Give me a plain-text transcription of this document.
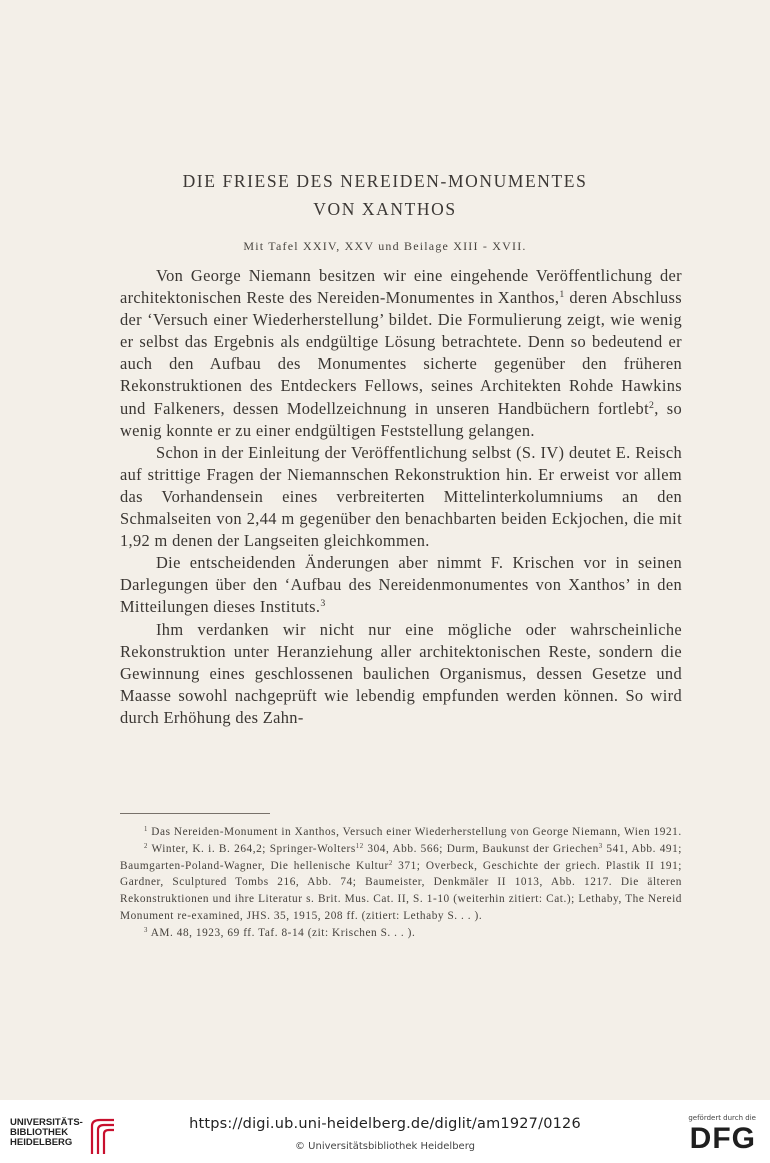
DIE FRIESE DES NEREIDEN-MONUMENTES
VON XANTHOS
Mit Tafel XXIV, XXV und Beilage XIII - XVII.

Von George Niemann besitzen wir eine eingehende Veröffentlichung der architektonischen Reste des Nereiden-Monumentes in Xanthos,$^1$ deren Abschluss der ‘Versuch einer Wiederherstellung’ bildet. Die Formulierung zeigt, wie wenig er selbst das Ergebnis als endgültige Lösung betrachtete. Denn so bedeutend er auch den Aufbau des Monumentes sicherte gegenüber den früheren Rekonstruktionen des Entdeckers Fellows, seines Architekten Rohde Hawkins und Falkeners, dessen Modellzeichnung in unseren Handbüchern fortlebt$^2$, so wenig konnte er zu einer endgültigen Feststellung gelangen.

Schon in der Einleitung der Veröffentlichung selbst (S. IV) deutet E. Reisch auf strittige Fragen der Niemannschen Rekonstruktion hin. Er erweist vor allem das Vorhandensein eines verbreiterten Mittelinterkolumniums an den Schmalseiten von 2,44 m gegenüber den benachbarten beiden Eckjochen, die mit 1,92 m denen der Langseiten gleichkommen.

Die entscheidenden Änderungen aber nimmt F. Krischen vor in seinen Darlegungen über den ‘Aufbau des Nereidenmonumentes von Xanthos’ in den Mitteilungen dieses Instituts.$^3$

Ihm verdanken wir nicht nur eine mögliche oder wahrscheinliche Rekonstruktion unter Heranziehung aller architektonischen Reste, sondern die Gewinnung eines geschlossenen baulichen Organismus, dessen Gesetze und Maasse sowohl nachgeprüft wie lebendig empfunden werden können. So wird durch Erhöhung des Zahn-

$^1$ Das Nereiden-Monument in Xanthos, Versuch einer Wiederherstellung von George Niemann, Wien 1921.

$^2$ Winter, K. i. B. 264,2; Springer-Wolters$^{12}$ 304, Abb. 566; Durm, Baukunst der Griechen$^3$ 541, Abb. 491; Baumgarten-Poland-Wagner, Die hellenische Kultur$^2$ 371; Overbeck, Geschichte der griech. Plastik II 191; Gardner, Sculptured Tombs 216, Abb. 74; Baumeister, Denkmäler II 1013, Abb. 1217. Die älteren Rekonstruktionen und ihre Literatur s. Brit. Mus. Cat. II, S. 1-10 (weiterhin zitiert: Cat.); Lethaby, The Nereid Monument re-examined, JHS. 35, 1915, 208 ff. (zitiert: Lethaby S. . . ).

$^3$ AM. 48, 1923, 69 ff. Taf. 8-14 (zit: Krischen S. . . ).

UNIVERSITÄTS-
BIBLIOTHEK
HEIDELBERG
https://digi.ub.uni-heidelberg.de/diglit/am1927/0126
© Universitätsbibliothek Heidelberg
gefördert durch die
DFG
